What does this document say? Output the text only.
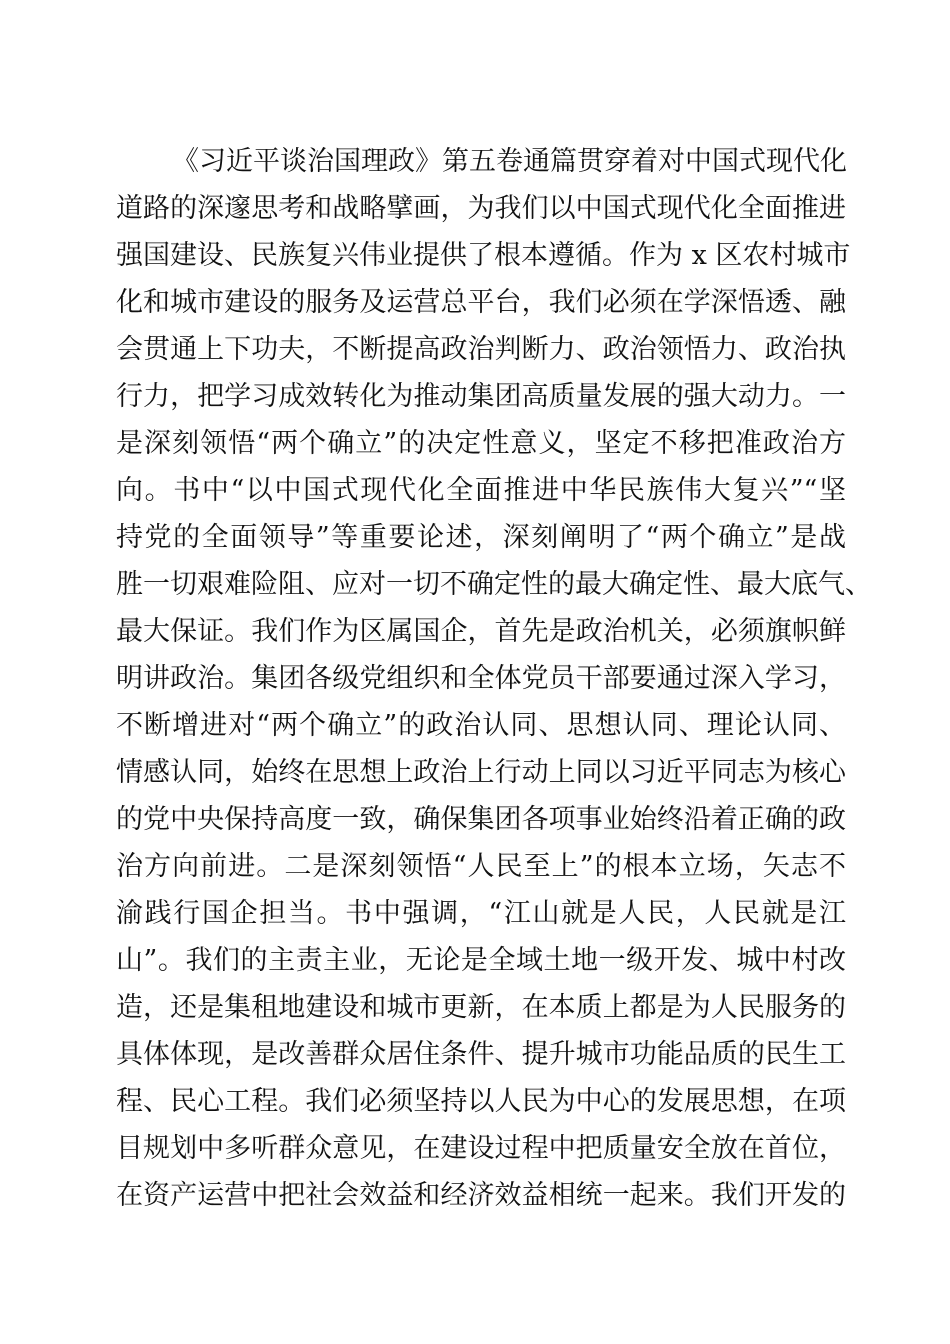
《习近平谈治国理政》第五卷通篇贯穿着对中国式现代化
道路的深邃思考和战略擘画，为我们以中国式现代化全面推进
强国建设、民族复兴伟业提供了根本遵循。作为 x 区农村城市
化和城市建设的服务及运营总平台，我们必须在学深悟透、融
会贯通上下功夫，不断提高政治判断力、政治领悟力、政治执
行力，把学习成效转化为推动集团高质量发展的强大动力。一
是深刻领悟“两个确立”的决定性意义，坚定不移把准政治方
向。书中“以中国式现代化全面推进中华民族伟大复兴”“坚
持党的全面领导”等重要论述，深刻阐明了“两个确立”是战
胜一切艰难险阻、应对一切不确定性的最大确定性、最大底气、
最大保证。我们作为区属国企，首先是政治机关，必须旗帜鲜
明讲政治。集团各级党组织和全体党员干部要通过深入学习，
不断增进对“两个确立”的政治认同、思想认同、理论认同、
情感认同，始终在思想上政治上行动上同以习近平同志为核心
的党中央保持高度一致，确保集团各项事业始终沿着正确的政
治方向前进。二是深刻领悟“人民至上”的根本立场，矢志不
渝践行国企担当。书中强调，“江山就是人民，人民就是江
山”。我们的主责主业，无论是全域土地一级开发、城中村改
造，还是集租地建设和城市更新，在本质上都是为人民服务的
具体体现，是改善群众居住条件、提升城市功能品质的民生工
程、民心工程。我们必须坚持以人民为中心的发展思想，在项
目规划中多听群众意见，在建设过程中把质量安全放在首位，
在资产运营中把社会效益和经济效益相统一起来。我们开发的
